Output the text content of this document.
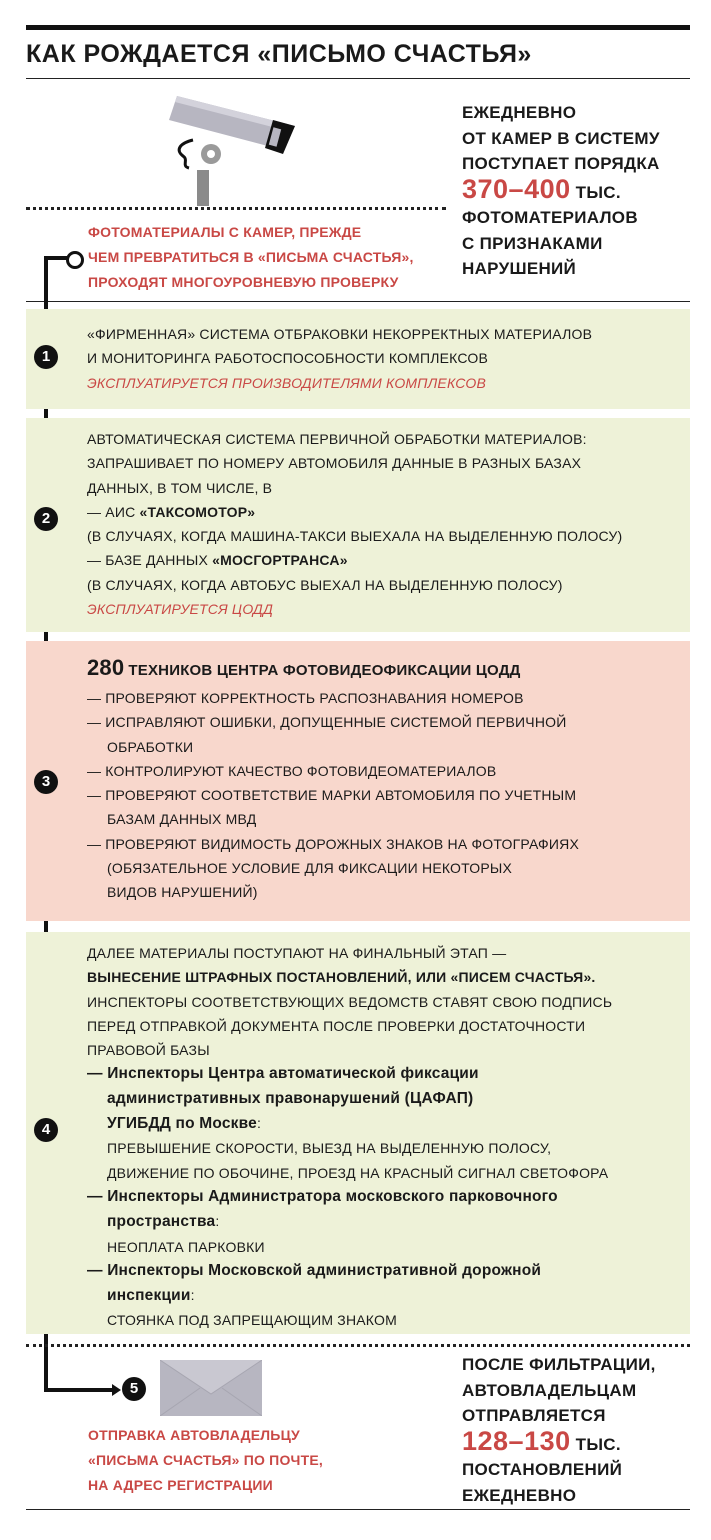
КАК РОЖДАЕТСЯ «ПИСЬМО СЧАСТЬЯ»
ЕЖЕДНЕВНО
ОТ КАМЕР В СИСТЕМУ
ПОСТУПАЕТ ПОРЯДКА
370–400 ТЫС.
ФОТОМАТЕРИАЛОВ
С ПРИЗНАКАМИ
НАРУШЕНИЙ
ФОТОМАТЕРИАЛЫ С КАМЕР, ПРЕЖДЕ
ЧЕМ ПРЕВРАТИТЬСЯ В «ПИСЬМА СЧАСТЬЯ»,
ПРОХОДЯТ МНОГОУРОВНЕВУЮ ПРОВЕРКУ
«ФИРМЕННАЯ» СИСТЕМА ОТБРАКОВКИ НЕКОРРЕКТНЫХ МАТЕРИАЛОВ
И МОНИТОРИНГА РАБОТОСПОСОБНОСТИ КОМПЛЕКСОВ
ЭКСПЛУАТИРУЕТСЯ ПРОИЗВОДИТЕЛЯМИ КОМПЛЕКСОВ
АВТОМАТИЧЕСКАЯ СИСТЕМА ПЕРВИЧНОЙ ОБРАБОТКИ МАТЕРИАЛОВ:
ЗАПРАШИВАЕТ ПО НОМЕРУ АВТОМОБИЛЯ ДАННЫЕ В РАЗНЫХ БАЗАХ
ДАННЫХ, В ТОМ ЧИСЛЕ, В
— АИС «ТАКСОМОТОР»
(В СЛУЧАЯХ, КОГДА МАШИНА-ТАКСИ ВЫЕХАЛА НА ВЫДЕЛЕННУЮ ПОЛОСУ)
— БАЗЕ ДАННЫХ «МОСГОРТРАНСА»
(В СЛУЧАЯХ, КОГДА АВТОБУС ВЫЕХАЛ НА ВЫДЕЛЕННУЮ ПОЛОСУ)
ЭКСПЛУАТИРУЕТСЯ ЦОДД
280 ТЕХНИКОВ ЦЕНТРА ФОТОВИДЕОФИКСАЦИИ ЦОДД
— ПРОВЕРЯЮТ КОРРЕКТНОСТЬ РАСПОЗНАВАНИЯ НОМЕРОВ
— ИСПРАВЛЯЮТ ОШИБКИ, ДОПУЩЕННЫЕ СИСТЕМОЙ ПЕРВИЧНОЙ
ОБРАБОТКИ
— КОНТРОЛИРУЮТ КАЧЕСТВО ФОТОВИДЕОМАТЕРИАЛОВ
— ПРОВЕРЯЮТ СООТВЕТСТВИЕ МАРКИ АВТОМОБИЛЯ ПО УЧЕТНЫМ
БАЗАМ ДАННЫХ МВД
— ПРОВЕРЯЮТ ВИДИМОСТЬ ДОРОЖНЫХ ЗНАКОВ НА ФОТОГРАФИЯХ
(ОБЯЗАТЕЛЬНОЕ УСЛОВИЕ ДЛЯ ФИКСАЦИИ НЕКОТОРЫХ
ВИДОВ НАРУШЕНИЙ)
ДАЛЕЕ МАТЕРИАЛЫ ПОСТУПАЮТ НА ФИНАЛЬНЫЙ ЭТАП —
ВЫНЕСЕНИЕ ШТРАФНЫХ ПОСТАНОВЛЕНИЙ, ИЛИ «ПИСЕМ СЧАСТЬЯ».
ИНСПЕКТОРЫ СООТВЕТСТВУЮЩИХ ВЕДОМСТВ СТАВЯТ СВОЮ ПОДПИСЬ
ПЕРЕД ОТПРАВКОЙ ДОКУМЕНТА ПОСЛЕ ПРОВЕРКИ ДОСТАТОЧНОСТИ
ПРАВОВОЙ БАЗЫ
— Инспекторы Центра автоматической фиксации
административных правонарушений (ЦАФАП)
УГИБДД по Москве:
ПРЕВЫШЕНИЕ СКОРОСТИ, ВЫЕЗД НА ВЫДЕЛЕННУЮ ПОЛОСУ,
ДВИЖЕНИЕ ПО ОБОЧИНЕ, ПРОЕЗД НА КРАСНЫЙ СИГНАЛ СВЕТОФОРА
— Инспекторы Администратора московского парковочного
пространства:
НЕОПЛАТА ПАРКОВКИ
— Инспекторы Московской административной дорожной
инспекции:
СТОЯНКА ПОД ЗАПРЕЩАЮЩИМ ЗНАКОМ
1
2
3
4
5
ОТПРАВКА АВТОВЛАДЕЛЬЦУ
«ПИСЬМА СЧАСТЬЯ» ПО ПОЧТЕ,
НА АДРЕС РЕГИСТРАЦИИ
ПОСЛЕ ФИЛЬТРАЦИИ,
АВТОВЛАДЕЛЬЦАМ
ОТПРАВЛЯЕТСЯ
128–130 ТЫС.
ПОСТАНОВЛЕНИЙ
ЕЖЕДНЕВНО
